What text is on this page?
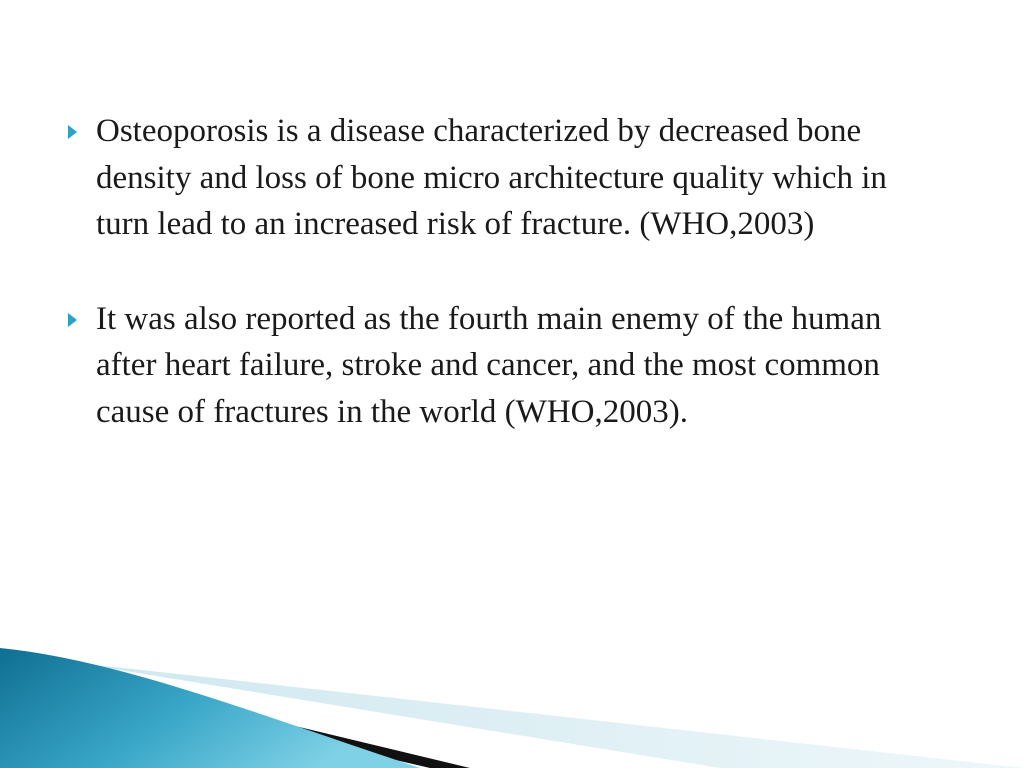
Osteoporosis is a disease characterized by decreased bone density and loss of bone micro architecture quality which in turn lead to an increased risk of fracture. (WHO,2003)
It was also reported as the fourth main enemy of the human after heart failure, stroke and cancer, and the most common cause of fractures in the world (WHO,2003).
